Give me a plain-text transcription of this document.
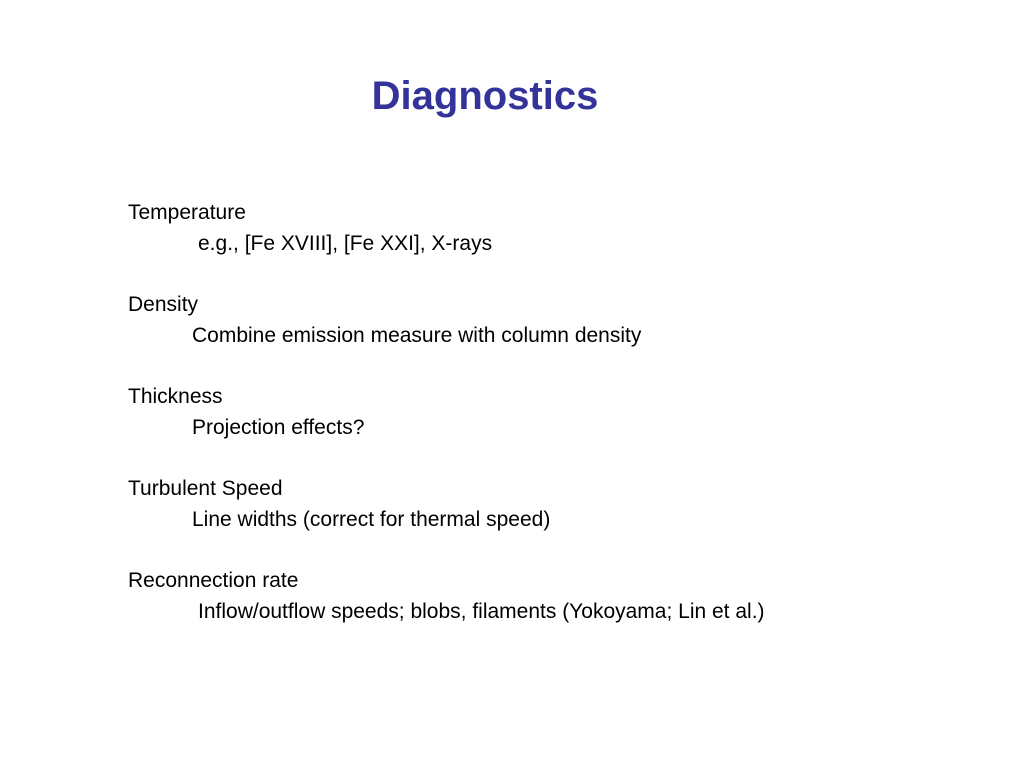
Diagnostics
Temperature
e.g., [Fe XVIII], [Fe XXI], X-rays
Density
Combine emission measure with column density
Thickness
Projection effects?
Turbulent Speed
Line widths (correct for thermal speed)
Reconnection rate
Inflow/outflow speeds; blobs, filaments (Yokoyama; Lin et al.)
